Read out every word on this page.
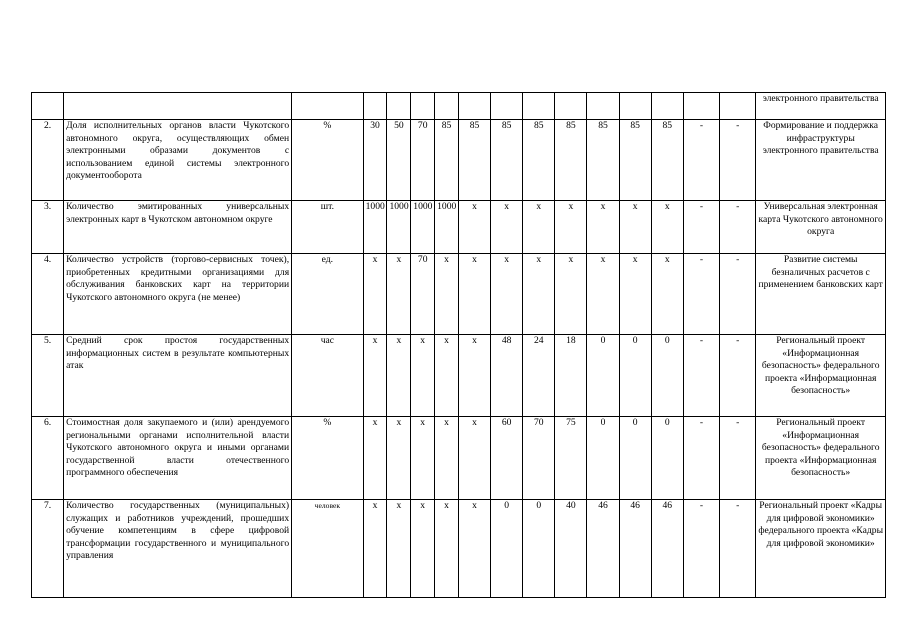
																электронного правительства
2.	Доля исполнительных органов власти Чукотского автономного округа, осуществляющих обмен электронными образами документов с использованием единой системы электронного документооборота	%	30	50	70	85	85	85	85	85	85	85	85	-	-	Формирование и поддержка инфраструктуры электронного правительства
3.	Количество эмитированных универсальных электронных карт в Чукотском автономном округе	шт.	1000	1000	1000	1000	х	х	х	х	х	х	х	-	-	Универсальная электронная карта Чукотского автономного округа
4.	Количество устройств (торгово-сервисных точек), приобретенных кредитными организациями для обслуживания банковских карт на территории Чукотского автономного округа (не менее)	ед.	х	х	70	х	х	х	х	х	х	х	х	-	-	Развитие системы безналичных расчетов с применением банковских карт
5.	Средний срок простоя государственных информационных систем в результате компьютерных атак	час	х	х	х	х	х	48	24	18	0	0	0	-	-	Региональный проект «Информационная безопасность» федерального проекта «Информационная безопасность»
6.	Стоимостная доля закупаемого и (или) арендуемого региональными органами исполнительной власти Чукотского автономного округа и иными органами государственной власти отечественного программного обеспечения	%	х	х	х	х	х	60	70	75	0	0	0	-	-	Региональный проект «Информационная безопасность» федерального проекта «Информационная безопасность»
7.	Количество государственных (муниципальных) служащих и работников учреждений, прошедших обучение компетенциям в сфере цифровой трансформации государственного и муниципального управления	человек	х	х	х	х	х	0	0	40	46	46	46	-	-	Региональный проект «Кадры для цифровой экономики» федерального проекта «Кадры для цифровой экономики»
